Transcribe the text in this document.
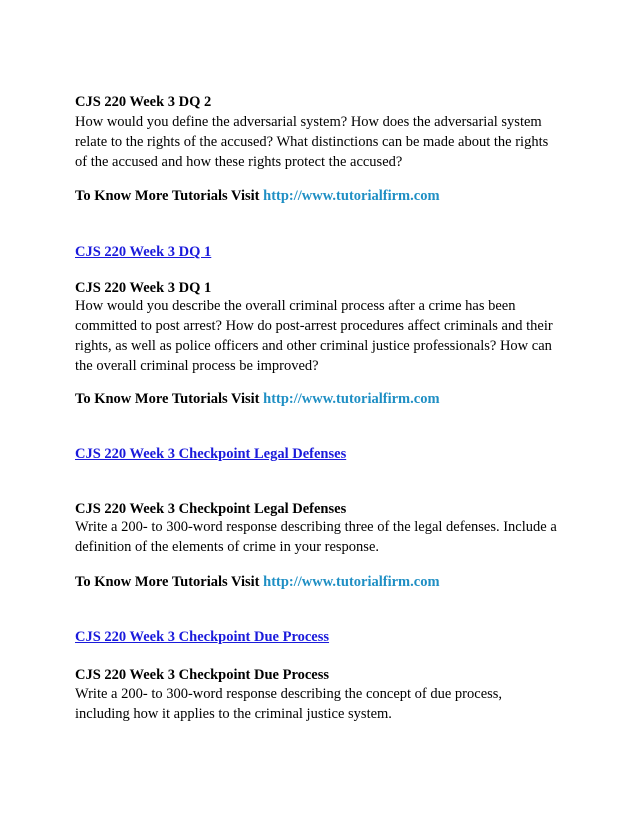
CJS 220 Week 3 DQ 2

How would you define the adversarial system? How does the adversarial system
relate to the rights of the accused? What distinctions can be made about the rights
of the accused and how these rights protect the accused?

To Know More Tutorials Visit http://www.tutorialfirm.com

CJS 220 Week 3 DQ 1

CJS 220 Week 3 DQ 1

How would you describe the overall criminal process after a crime has been
committed to post arrest? How do post-arrest procedures affect criminals and their
rights, as well as police officers and other criminal justice professionals? How can
the overall criminal process be improved?

To Know More Tutorials Visit http://www.tutorialfirm.com

CJS 220 Week 3 Checkpoint Legal Defenses

CJS 220 Week 3 Checkpoint Legal Defenses

Write a 200- to 300-word response describing three of the legal defenses. Include a
definition of the elements of crime in your response.

To Know More Tutorials Visit http://www.tutorialfirm.com

CJS 220 Week 3 Checkpoint Due Process

CJS 220 Week 3 Checkpoint Due Process

Write a 200- to 300-word response describing the concept of due process,
including how it applies to the criminal justice system.
